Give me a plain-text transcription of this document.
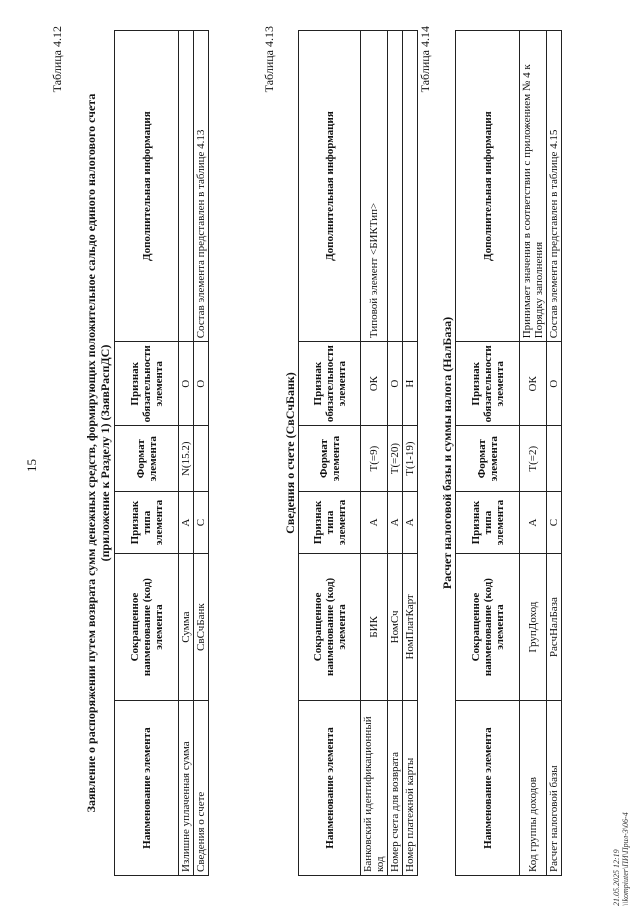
15
Таблица 4.12
Заявление о распоряжении путем возврата сумм денежных средств, формирующих положительное сальдо единого налогового счета (приложение к Разделу 1) (ЗаявРаспДС)
Наименование элемента	Сокращенное наименование (код) элемента	Признак типа элемента	Формат элемента	Признак обязательности элемента	Дополнительная информация
Излишне уплаченная сумма	Сумма	A	N(15.2)	O	
Сведения о счете	СвСчБанк	С		О	Состав элемента представлен в таблице 4.13
Таблица 4.13
Сведения о счете (СвСчБанк)
Наименование элемента	Сокращенное наименование (код) элемента	Признак типа элемента	Формат элемента	Признак обязательности элемента	Дополнительная информация
Банковский идентификационный код	БИК	А	T(=9)	ОК	Типовой элемент <БИКТип>
Номер счета для возврата	НомСч	А	T(=20)	О	
Номер платежной карты	НомПлатКарт	А	T(1-19)	Н	
Таблица 4.14
Расчет налоговой базы и суммы налога (НалБаза)
Наименование элемента	Сокращенное наименование (код) элемента	Признак типа элемента	Формат элемента	Признак обязательности элемента	Дополнительная информация
Код группы доходов	ГрупДоход	А	T(=2)	ОК	Принимает значения в соответствии с приложением № 4 к Порядку заполнения
Расчет налоговой базы	РасчНалБаза	С		О	Состав элемента представлен в таблице 4.15
21.05.2025 12:19 \\kompiuter\ПИ\Прил-3\06-4
